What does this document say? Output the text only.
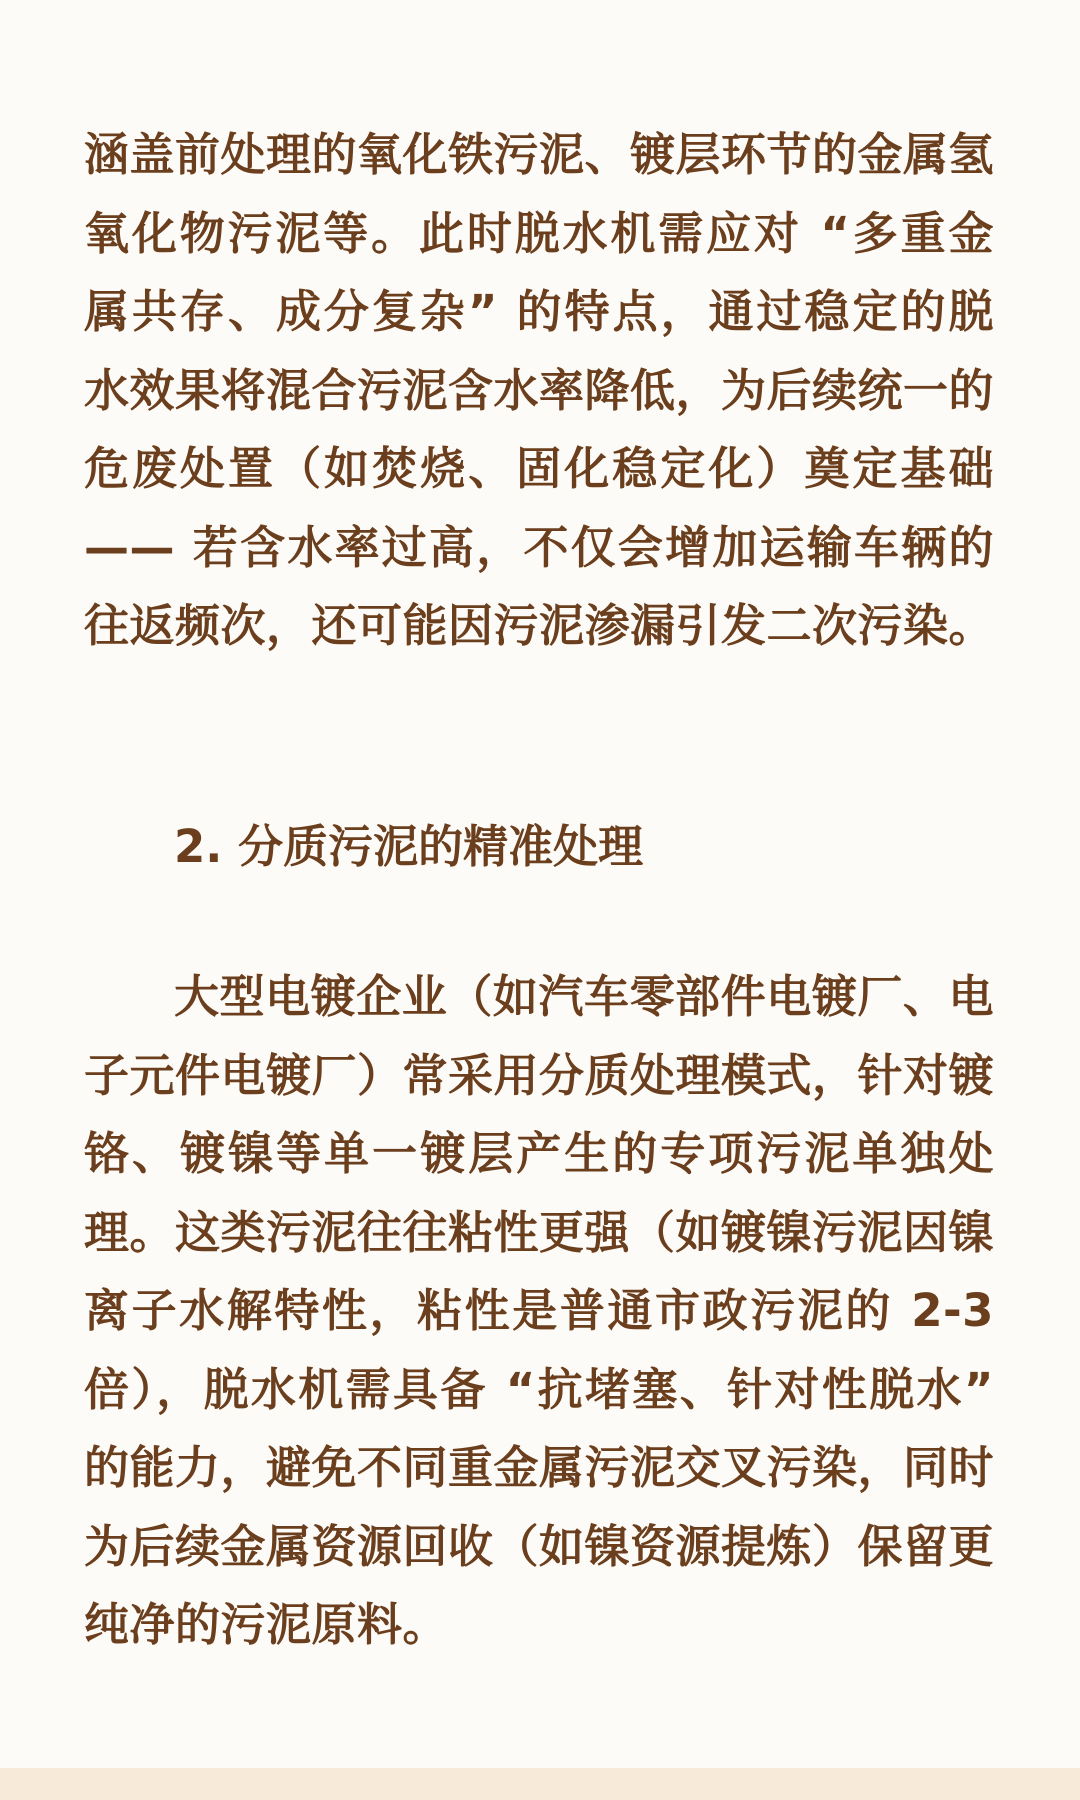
涵盖前处理的氧化铁污泥、镀层环节的金属氢氧化物污泥等。此时脱水机需应对 “多重金属共存、成分复杂” 的特点，通过稳定的脱水效果将混合污泥含水率降低，为后续统一的危废处置（如焚烧、固化稳定化）奠定基础 —— 若含水率过高，不仅会增加运输车辆的往返频次，还可能因污泥渗漏引发二次污染。

2. 分质污泥的精准处理

大型电镀企业（如汽车零部件电镀厂、电子元件电镀厂）常采用分质处理模式，针对镀铬、镀镍等单一镀层产生的专项污泥单独处理。这类污泥往往粘性更强（如镀镍污泥因镍离子水解特性，粘性是普通市政污泥的 2-3 倍），脱水机需具备 “抗堵塞、针对性脱水” 的能力，避免不同重金属污泥交叉污染，同时为后续金属资源回收（如镍资源提炼）保留更纯净的污泥原料。
